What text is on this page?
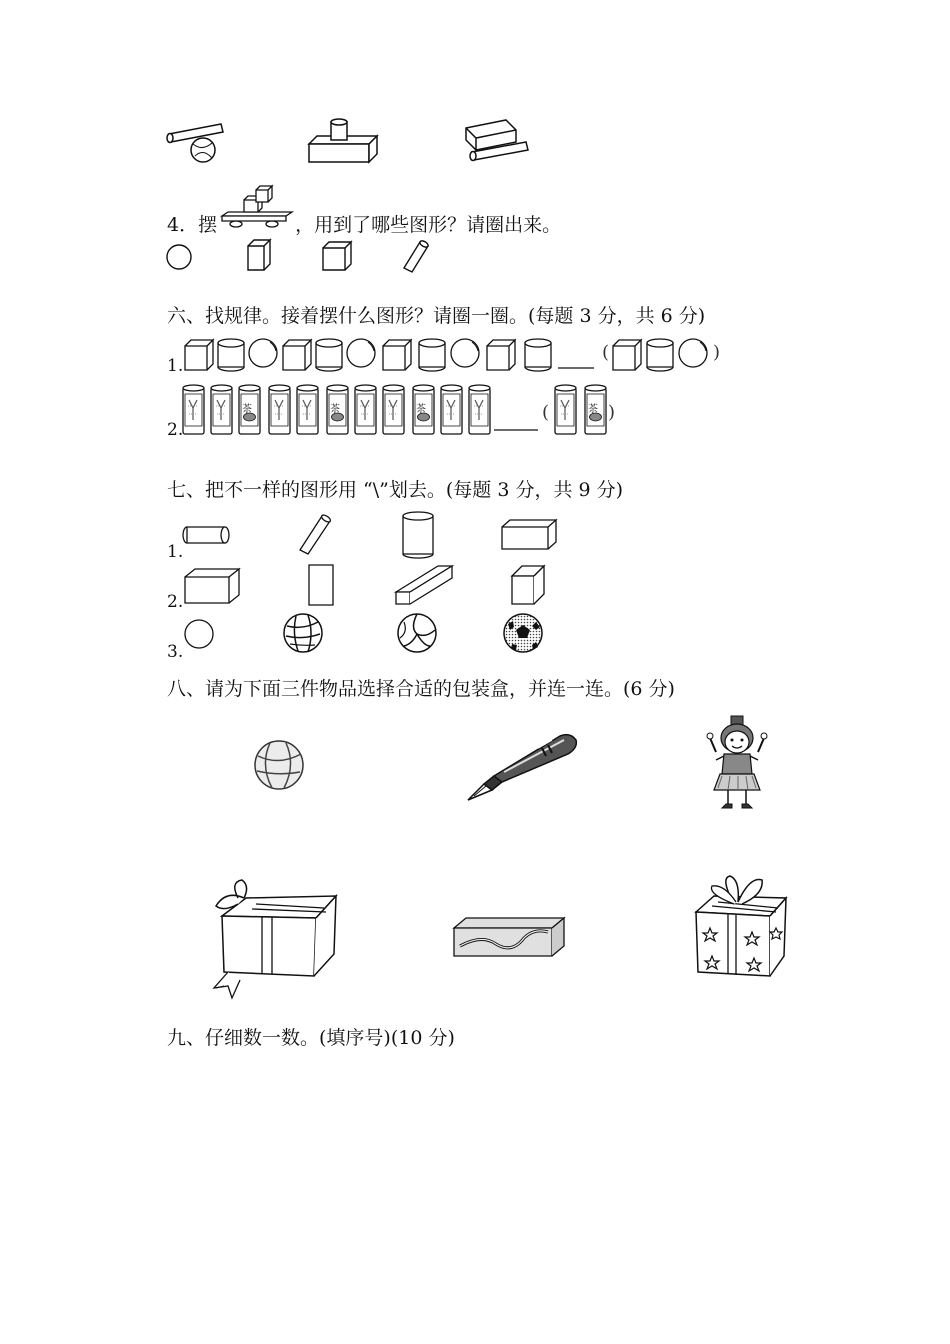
4．摆	，用到了哪些图形？请圈出来。
六、找规律。接着摆什么图形？请圈一圈。(每题 3 分，共 6 分)
1.
(	)
2.
茶	茶	茶	茶
(	)
七、把不一样的图形用 “\”划去。(每题 3 分，共 9 分)
1.
2.
3.
八、请为下面三件物品选择合适的包装盒，并连一连。(6 分)
九、仔细数一数。(填序号)(10 分)
